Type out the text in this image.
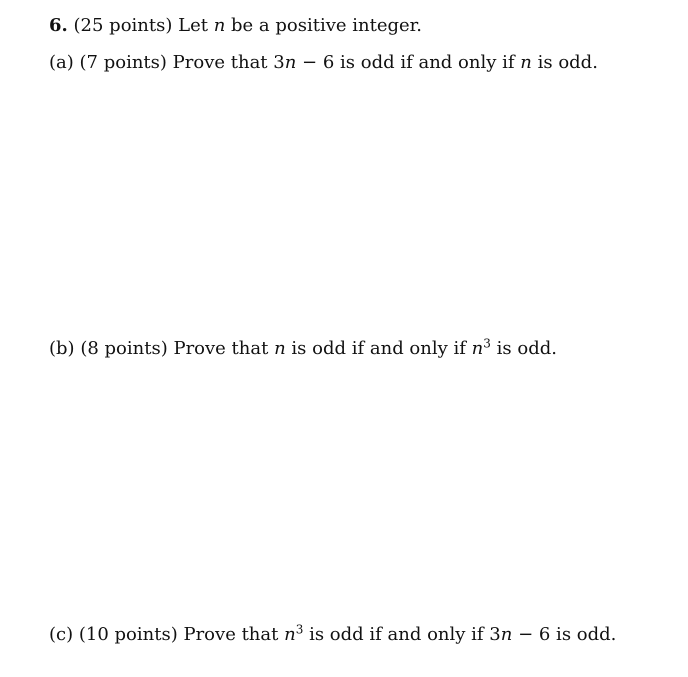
6. (25 points) Let n be a positive integer.
(a) (7 points) Prove that 3n − 6 is odd if and only if n is odd.
(b) (8 points) Prove that n is odd if and only if $n^3$ is odd.
(c) (10 points) Prove that $n^3$ is odd if and only if 3n − 6 is odd.
